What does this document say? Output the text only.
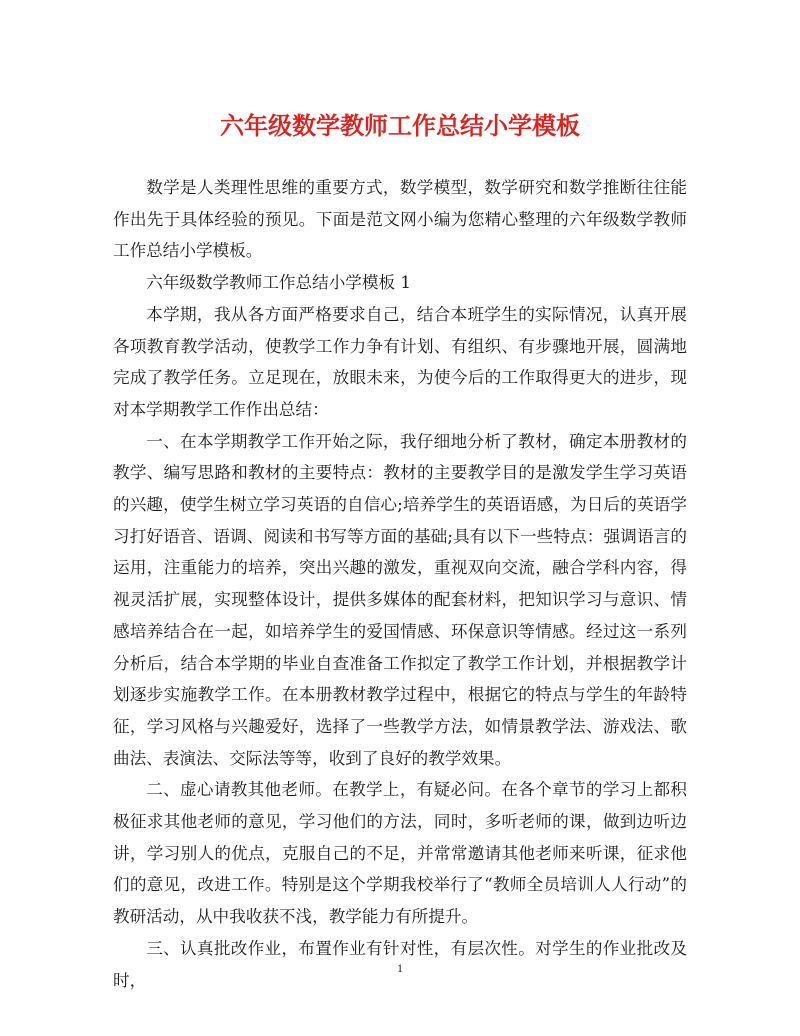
六年级数学教师工作总结小学模板

数学是人类理性思维的重要方式，数学模型，数学研究和数学推断往往能作出先于具体经验的预见。下面是范文网小编为您精心整理的六年级数学教师工作总结小学模板。

六年级数学教师工作总结小学模板 1

本学期，我从各方面严格要求自己，结合本班学生的实际情况，认真开展各项教育教学活动，使教学工作力争有计划、有组织、有步骤地开展，圆满地完成了教学任务。立足现在，放眼未来，为使今后的工作取得更大的进步，现对本学期教学工作作出总结：

一、在本学期教学工作开始之际，我仔细地分析了教材，确定本册教材的教学、编写思路和教材的主要特点：教材的主要教学目的是激发学生学习英语的兴趣，使学生树立学习英语的自信心;培养学生的英语语感，为日后的英语学习打好语音、语调、阅读和书写等方面的基础;具有以下一些特点：强调语言的运用，注重能力的培养，突出兴趣的激发，重视双向交流，融合学科内容，得视灵活扩展，实现整体设计，提供多媒体的配套材料，把知识学习与意识、情感培养结合在一起，如培养学生的爱国情感、环保意识等情感。经过这一系列分析后，结合本学期的毕业自查准备工作拟定了教学工作计划，并根据教学计划逐步实施教学工作。在本册教材教学过程中，根据它的特点与学生的年龄特征，学习风格与兴趣爱好，选择了一些教学方法，如情景教学法、游戏法、歌曲法、表演法、交际法等等，收到了良好的教学效果。

二、虚心请教其他老师。在教学上，有疑必问。在各个章节的学习上都积极征求其他老师的意见，学习他们的方法，同时，多听老师的课，做到边听边讲，学习别人的优点，克服自己的不足，并常常邀请其他老师来听课，征求他们的意见，改进工作。特别是这个学期我校举行了“教师全员培训人人行动”的教研活动，从中我收获不浅，教学能力有所提升。

三、认真批改作业，布置作业有针对性，有层次性。对学生的作业批改及时，

1
